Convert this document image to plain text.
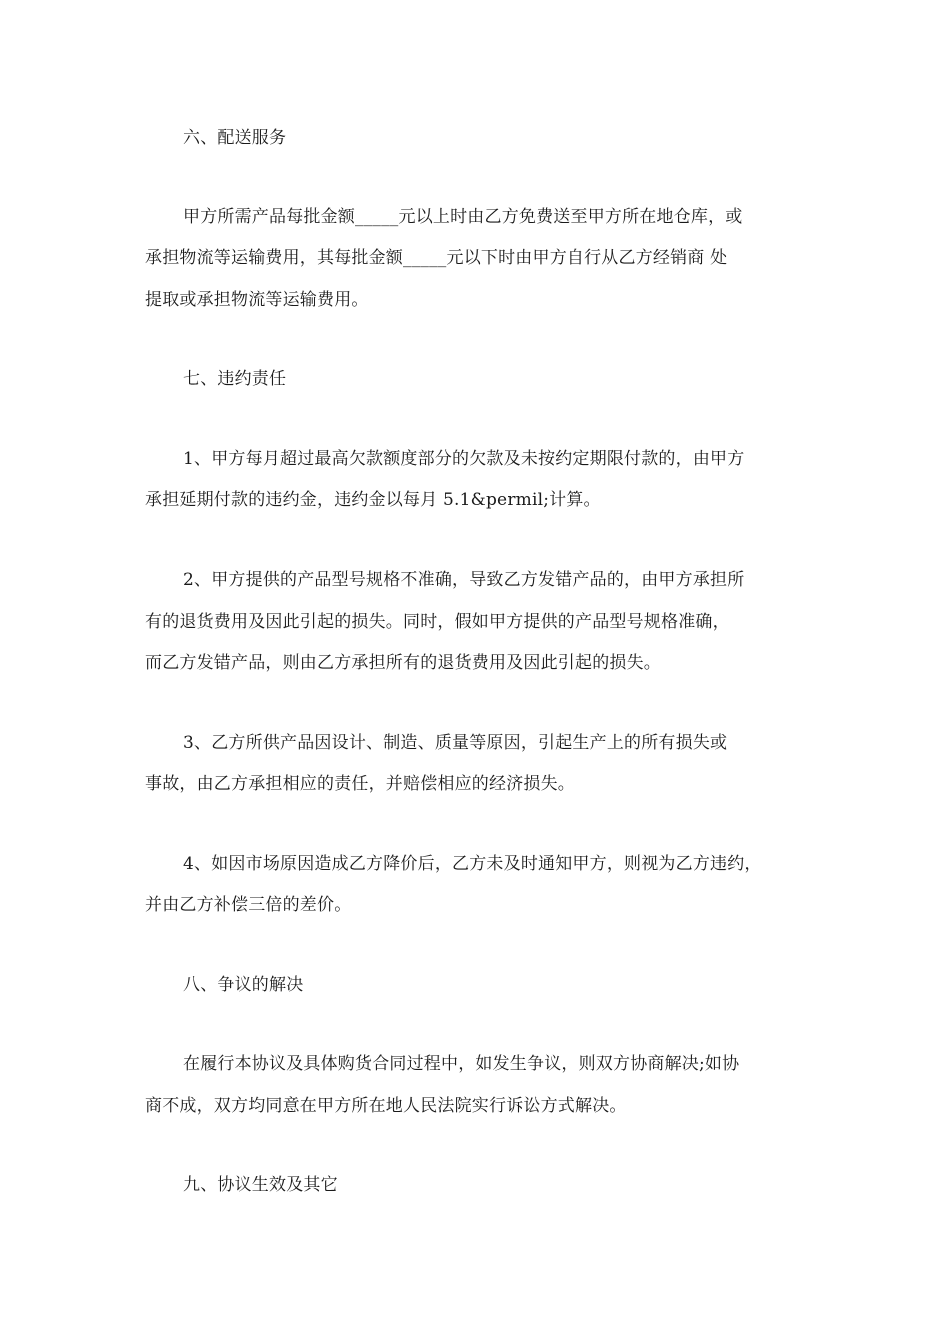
六、配送服务
甲方所需产品每批金额_____元以上时由乙方免费送至甲方所在地仓库，或
承担物流等运输费用，其每批金额_____元以下时由甲方自行从乙方经销商 处
提取或承担物流等运输费用。
七、违约责任
1、甲方每月超过最高欠款额度部分的欠款及未按约定期限付款的，由甲方
承担延期付款的违约金，违约金以每月 5.1&permil;计算。
2、甲方提供的产品型号规格不准确，导致乙方发错产品的，由甲方承担所
有的退货费用及因此引起的损失。同时，假如甲方提供的产品型号规格准确，
而乙方发错产品，则由乙方承担所有的退货费用及因此引起的损失。
3、乙方所供产品因设计、制造、质量等原因，引起生产上的所有损失或
事故，由乙方承担相应的责任，并赔偿相应的经济损失。
4、如因市场原因造成乙方降价后，乙方未及时通知甲方，则视为乙方违约，
并由乙方补偿三倍的差价。
八、争议的解决
在履行本协议及具体购货合同过程中，如发生争议，则双方协商解决;如协
商不成，双方均同意在甲方所在地人民法院实行诉讼方式解决。
九、协议生效及其它
